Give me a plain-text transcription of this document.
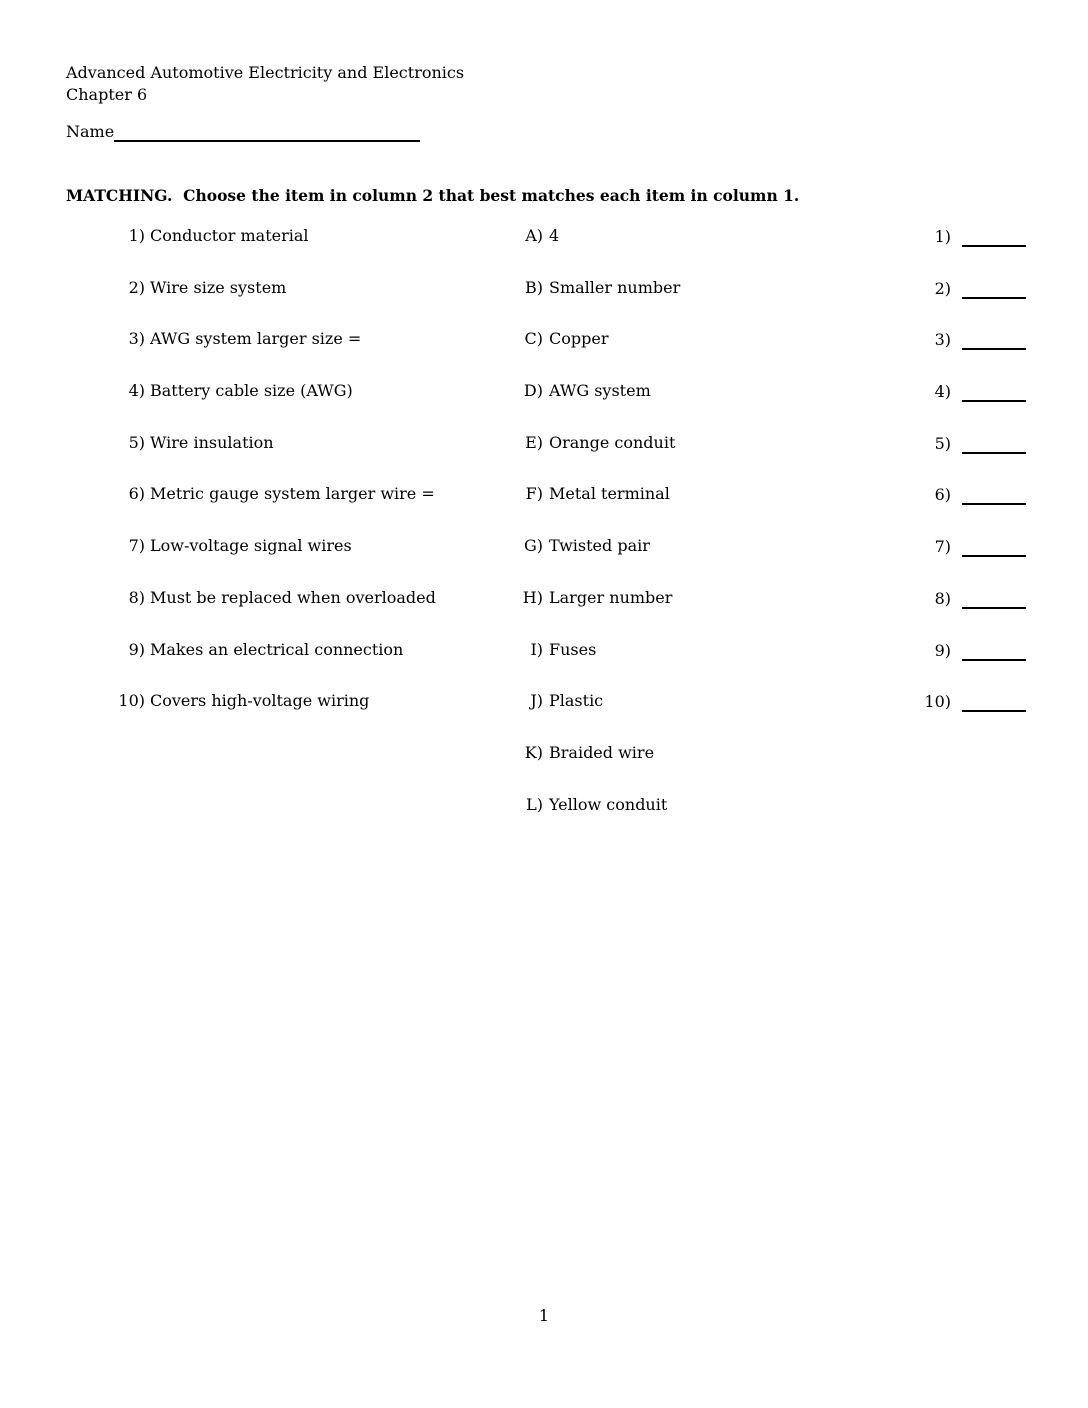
Advanced Automotive Electricity and Electronics
Chapter 6
Name
MATCHING.  Choose the item in column 2 that best matches each item in column 1.
1) Conductor material
2) Wire size system
3) AWG system larger size =
4) Battery cable size (AWG)
5) Wire insulation
6) Metric gauge system larger wire =
7) Low-voltage signal wires
8) Must be replaced when overloaded
9) Makes an electrical connection
10) Covers high-voltage wiring
A) 4
B) Smaller number
C) Copper
D) AWG system
E) Orange conduit
F) Metal terminal
G) Twisted pair
H) Larger number
I) Fuses
J) Plastic
K) Braided wire
L) Yellow conduit
1)
2)
3)
4)
5)
6)
7)
8)
9)
10)
1
